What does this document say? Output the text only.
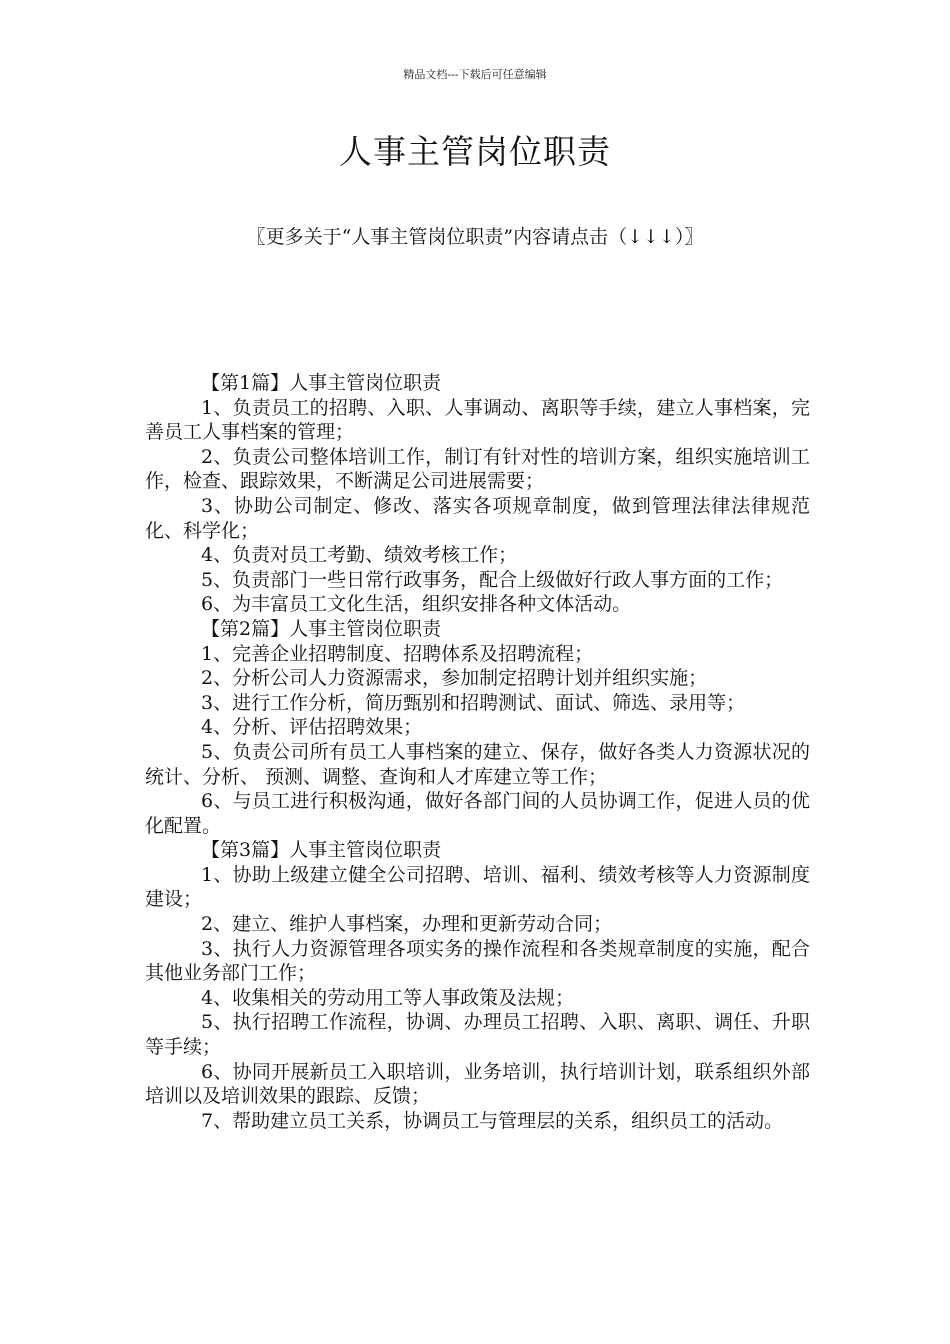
精品文档---下载后可任意编辑
人事主管岗位职责
〖更多关于“人事主管岗位职责”内容请点击（↓↓↓）〗
【第1篇】人事主管岗位职责

1、负责员工的招聘、入职、人事调动、离职等手续，建立人事档案，完善员工人事档案的管理；

2、负责公司整体培训工作，制订有针对性的培训方案，组织实施培训工作，检查、跟踪效果，不断满足公司进展需要；

3、协助公司制定、修改、落实各项规章制度，做到管理法律法律规范化、科学化；

4、负责对员工考勤、绩效考核工作；

5、负责部门一些日常行政事务，配合上级做好行政人事方面的工作；

6、为丰富员工文化生活，组织安排各种文体活动。

【第2篇】人事主管岗位职责

1、完善企业招聘制度、招聘体系及招聘流程；

2、分析公司人力资源需求，参加制定招聘计划并组织实施；

3、进行工作分析，简历甄别和招聘测试、面试、筛选、录用等；

4、分析、评估招聘效果；

5、负责公司所有员工人事档案的建立、保存，做好各类人力资源状况的统计、分析、 预测、调整、查询和人才库建立等工作；

6、与员工进行积极沟通，做好各部门间的人员协调工作，促进人员的优化配置。

【第3篇】人事主管岗位职责

1、协助上级建立健全公司招聘、培训、福利、绩效考核等人力资源制度建设；

2、建立、维护人事档案，办理和更新劳动合同；

3、执行人力资源管理各项实务的操作流程和各类规章制度的实施，配合其他业务部门工作；

4、收集相关的劳动用工等人事政策及法规；

5、执行招聘工作流程，协调、办理员工招聘、入职、离职、调任、升职等手续；

6、协同开展新员工入职培训，业务培训，执行培训计划，联系组织外部培训以及培训效果的跟踪、反馈；

7、帮助建立员工关系，协调员工与管理层的关系，组织员工的活动。
